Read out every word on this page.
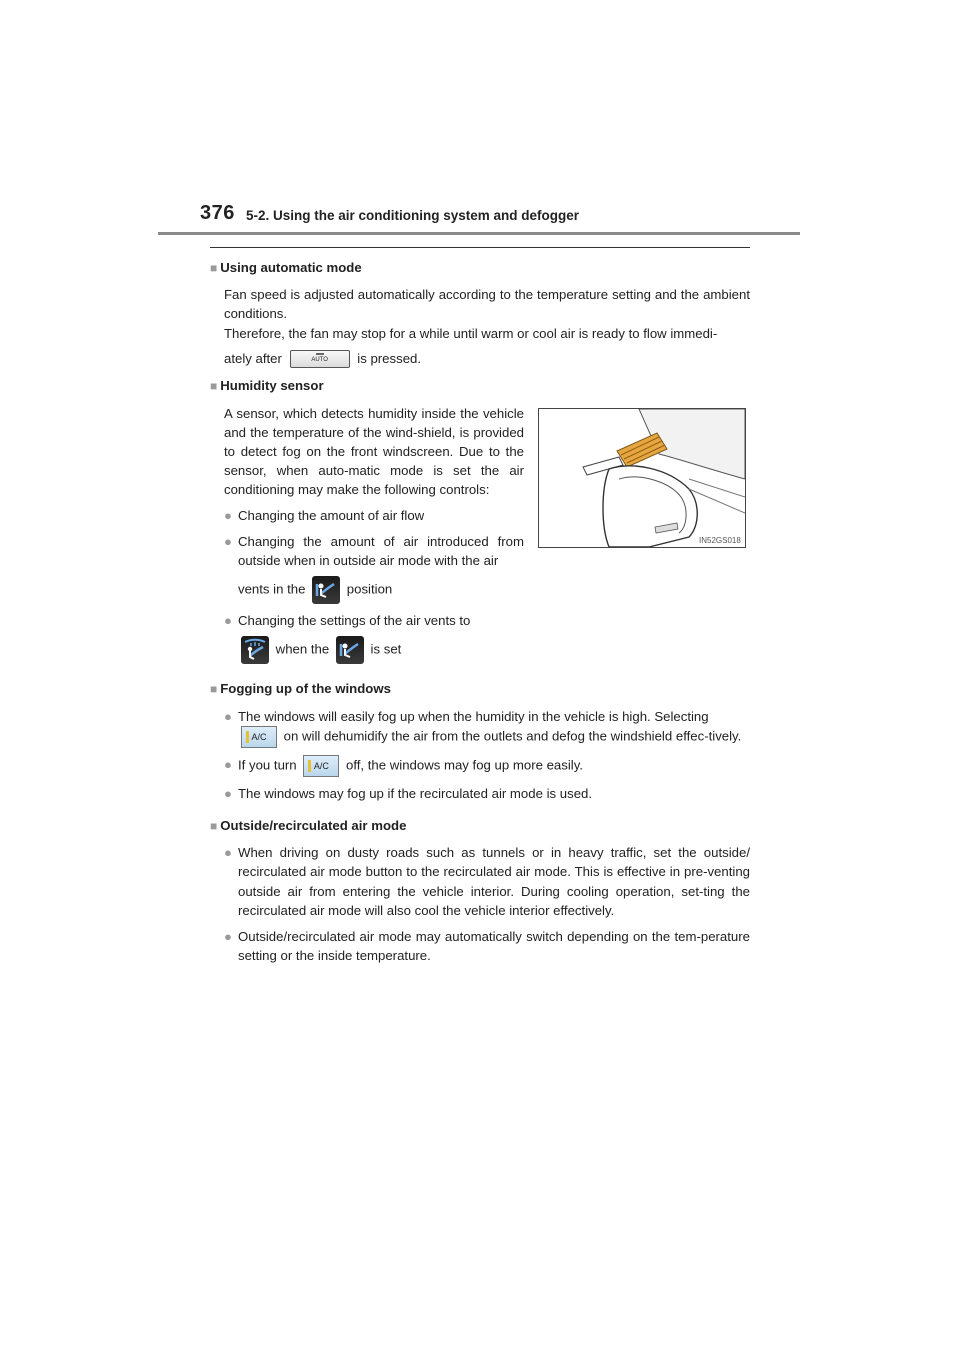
376 5-2. Using the air conditioning system and defogger
■ Using automatic mode
Fan speed is adjusted automatically according to the temperature setting and the ambient conditions.
Therefore, the fan may stop for a while until warm or cool air is ready to flow immedi-
ately after	AUTO is pressed.
■ Humidity sensor
A sensor, which detects humidity inside the vehicle and the temperature of the wind-shield, is provided to detect fog on the front windscreen. Due to the sensor, when auto-matic mode is set the air conditioning may make the following controls:
● Changing the amount of air flow
● Changing the amount of air introduced from outside when in outside air mode with the air
vents in the	position
● Changing the settings of the air vents to
when the	is set
IN52GS018
■ Fogging up of the windows
● The windows will easily fog up when the humidity in the vehicle is high. Selecting
A/C on will dehumidify the air from the outlets and defog the windshield effec-tively.
● If you turn A/C off, the windows may fog up more easily.
● The windows may fog up if the recirculated air mode is used.
■ Outside/recirculated air mode
● When driving on dusty roads such as tunnels or in heavy traffic, set the outside/ recirculated air mode button to the recirculated air mode. This is effective in pre-venting outside air from entering the vehicle interior. During cooling operation, set-ting the recirculated air mode will also cool the vehicle interior effectively.
● Outside/recirculated air mode may automatically switch depending on the tem-perature setting or the inside temperature.
